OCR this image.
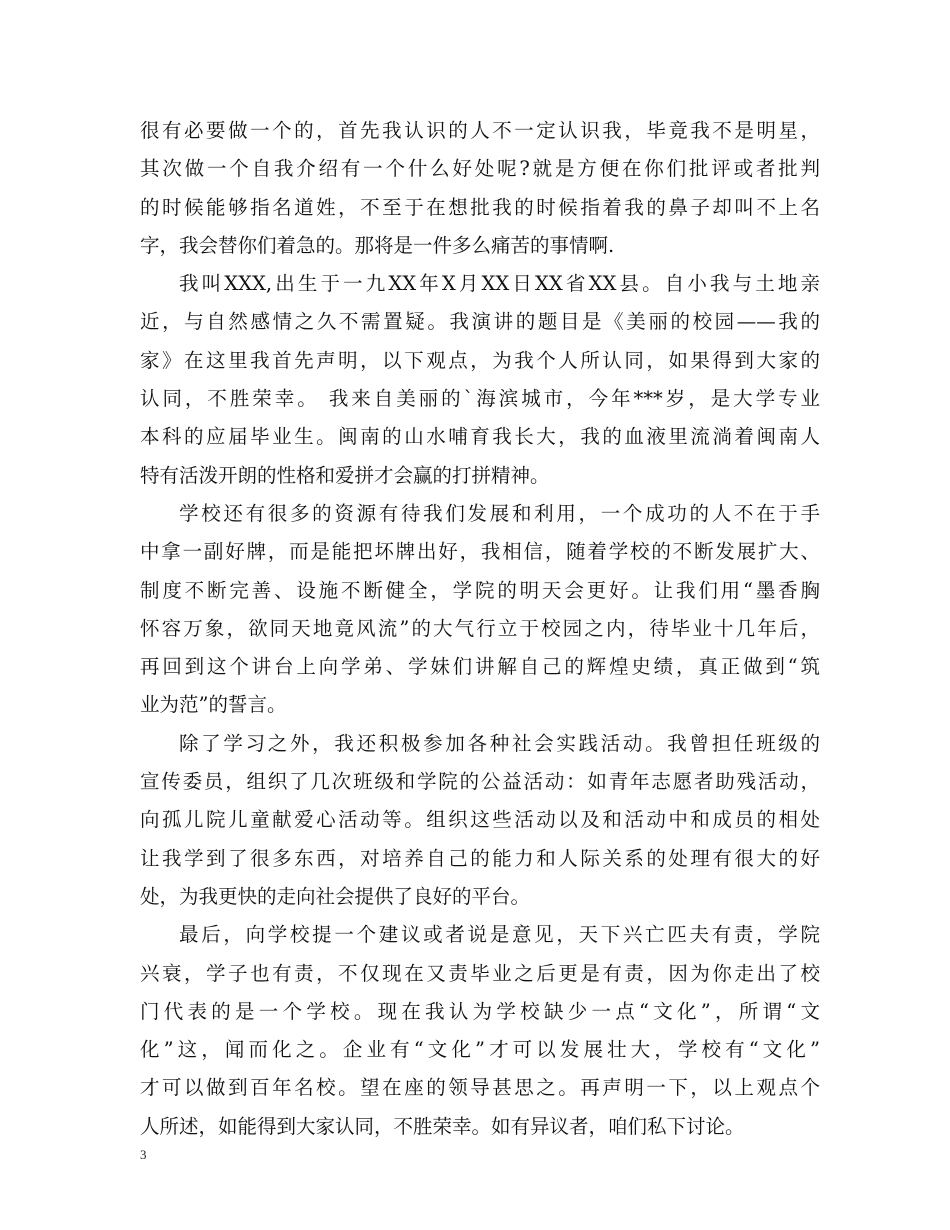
很有必要做一个的，首先我认识的人不一定认识我，毕竟我不是明星，
其次做一个自我介绍有一个什么好处呢?就是方便在你们批评或者批判
的时候能够指名道姓，不至于在想批我的时候指着我的鼻子却叫不上名
字，我会替你们着急的。那将是一件多么痛苦的事情啊.
我叫XXX,出生于一九XX年X月XX日XX省XX县。自小我与土地亲
近，与自然感情之久不需置疑。我演讲的题目是《美丽的校园——我的
家》在这里我首先声明，以下观点，为我个人所认同，如果得到大家的
认同，不胜荣幸。 我来自美丽的`海滨城市，今年***岁，是大学专业
本科的应届毕业生。闽南的山水哺育我长大，我的血液里流淌着闽南人
特有活泼开朗的性格和爱拼才会赢的打拼精神。
学校还有很多的资源有待我们发展和利用，一个成功的人不在于手
中拿一副好牌，而是能把坏牌出好，我相信，随着学校的不断发展扩大、
制度不断完善、设施不断健全，学院的明天会更好。让我们用“墨香胸
怀容万象，欲同天地竟风流”的大气行立于校园之内，待毕业十几年后，
再回到这个讲台上向学弟、学妹们讲解自己的辉煌史绩，真正做到“筑
业为范”的誓言。
除了学习之外，我还积极参加各种社会实践活动。我曾担任班级的
宣传委员，组织了几次班级和学院的公益活动：如青年志愿者助残活动，
向孤儿院儿童献爱心活动等。组织这些活动以及和活动中和成员的相处
让我学到了很多东西，对培养自己的能力和人际关系的处理有很大的好
处，为我更快的走向社会提供了良好的平台。
最后，向学校提一个建议或者说是意见，天下兴亡匹夫有责，学院
兴衰，学子也有责，不仅现在又责毕业之后更是有责，因为你走出了校
门代表的是一个学校。现在我认为学校缺少一点“文化”，所谓“文
化”这，闻而化之。企业有“文化”才可以发展壮大，学校有“文化”
才可以做到百年名校。望在座的领导甚思之。再声明一下，以上观点个
人所述，如能得到大家认同，不胜荣幸。如有异议者，咱们私下讨论。
3
